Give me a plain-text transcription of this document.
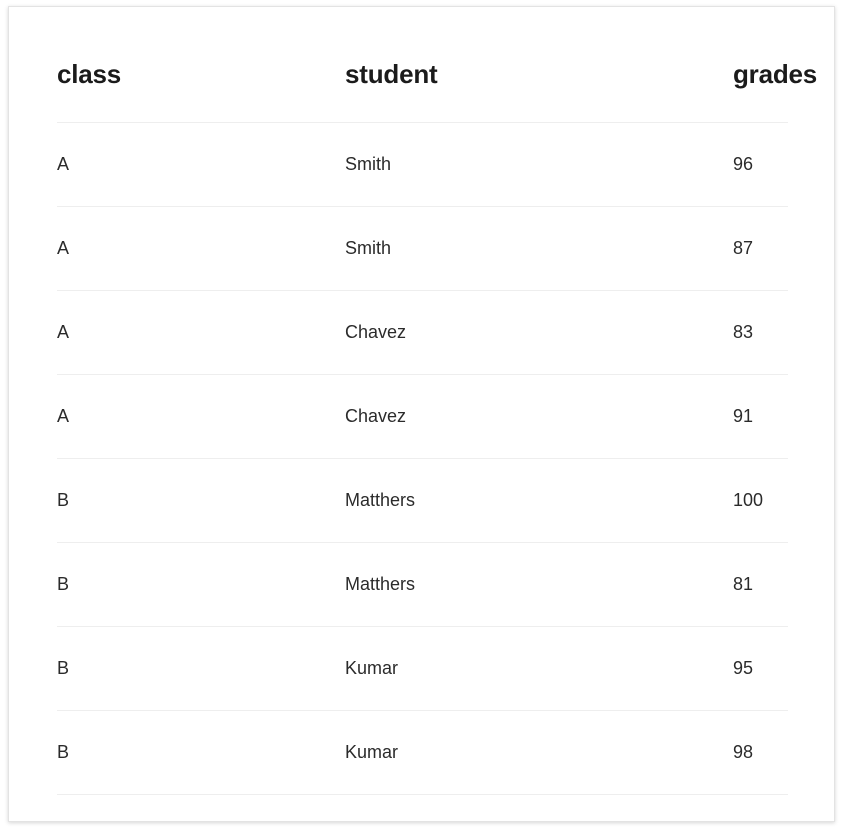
class	student	grades
A	Smith	96
A	Smith	87
A	Chavez	83
A	Chavez	91
B	Matthers	100
B	Matthers	81
B	Kumar	95
B	Kumar	98
